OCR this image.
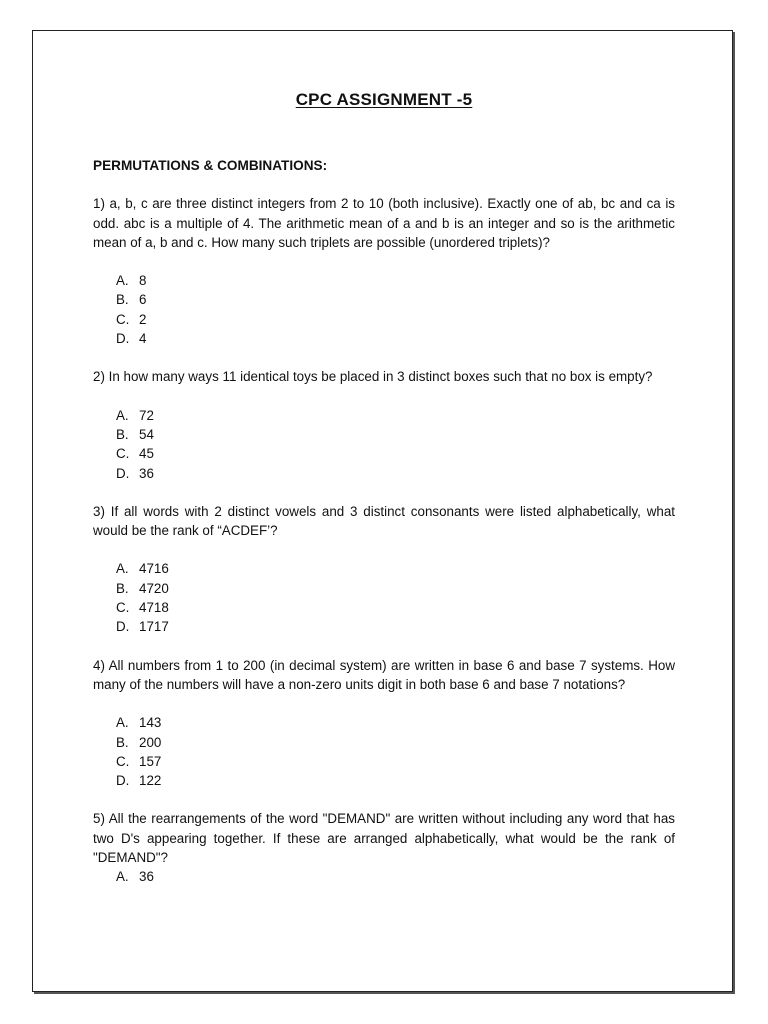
CPC ASSIGNMENT -5
PERMUTATIONS & COMBINATIONS:

1) a, b, c are three distinct integers from 2 to 10 (both inclusive). Exactly one of ab, bc and ca is odd. abc is a multiple of 4. The arithmetic mean of a and b is an integer and so is the arithmetic mean of a, b and c. How many such triplets are possible (unordered triplets)?

A. 8
B. 6
C. 2
D. 4

2) In how many ways 11 identical toys be placed in 3 distinct boxes such that no box is empty?

A. 72
B. 54
C. 45
D. 36

3) If all words with 2 distinct vowels and 3 distinct consonants were listed alphabetically, what would be the rank of “ACDEF’?

A. 4716
B. 4720
C. 4718
D. 1717

4) All numbers from 1 to 200 (in decimal system) are written in base 6 and base 7 systems. How many of the numbers will have a non-zero units digit in both base 6 and base 7 notations?

A. 143
B. 200
C. 157
D. 122

5) All the rearrangements of the word "DEMAND" are written without including any word that has two D's appearing together. If these are arranged alphabetically, what would be the rank of "DEMAND"?

A. 36
